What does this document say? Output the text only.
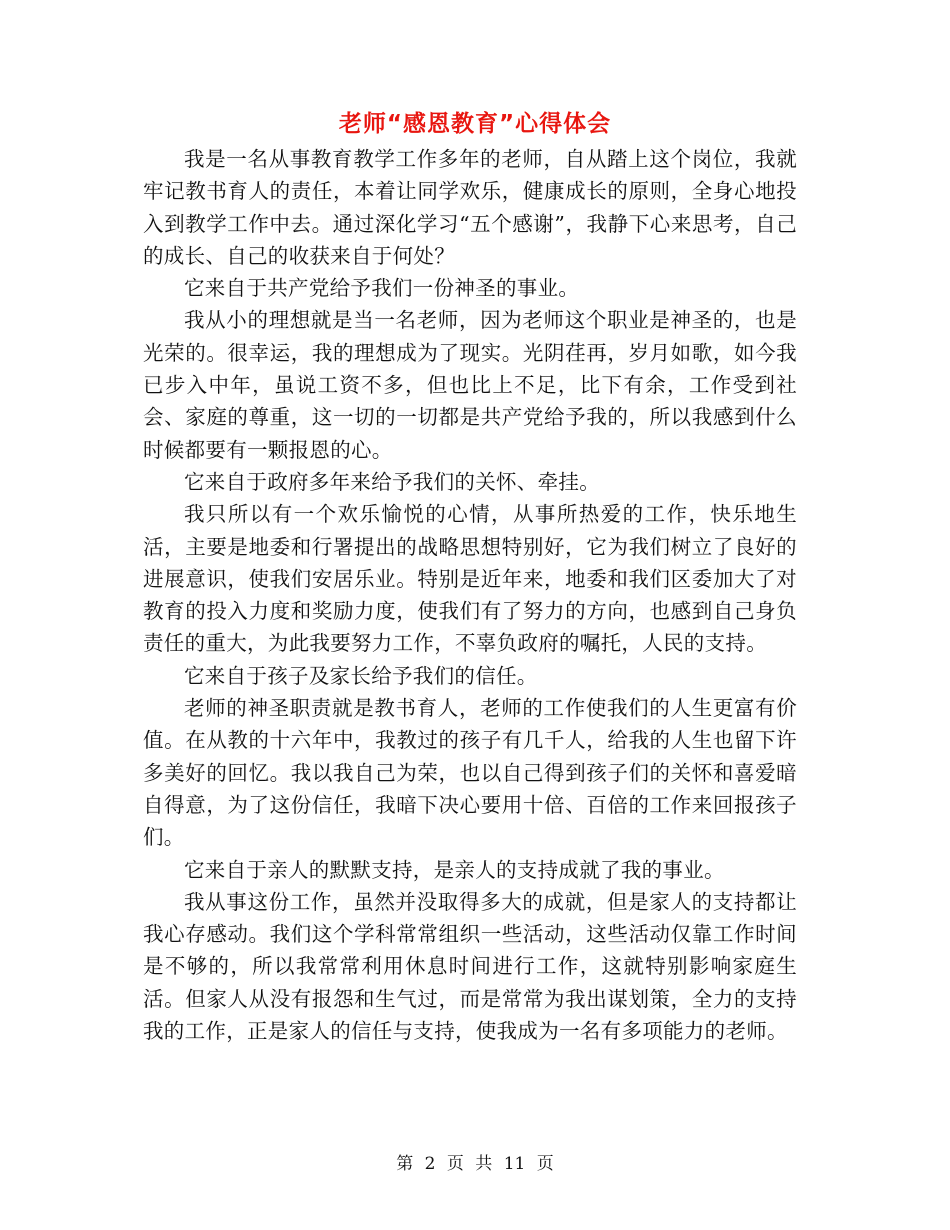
老师“感恩教育”心得体会

我是一名从事教育教学工作多年的老师，自从踏上这个岗位，我就牢记教书育人的责任，本着让同学欢乐，健康成长的原则，全身心地投入到教学工作中去。通过深化学习“五个感谢”，我静下心来思考，自己的成长、自己的收获来自于何处？

它来自于共产党给予我们一份神圣的事业。

我从小的理想就是当一名老师，因为老师这个职业是神圣的，也是光荣的。很幸运，我的理想成为了现实。光阴荏再，岁月如歌，如今我已步入中年，虽说工资不多，但也比上不足，比下有余，工作受到社会、家庭的尊重，这一切的一切都是共产党给予我的，所以我感到什么时候都要有一颗报恩的心。

它来自于政府多年来给予我们的关怀、牵挂。

我只所以有一个欢乐愉悦的心情，从事所热爱的工作，快乐地生活，主要是地委和行署提出的战略思想特别好，它为我们树立了良好的进展意识，使我们安居乐业。特别是近年来，地委和我们区委加大了对教育的投入力度和奖励力度，使我们有了努力的方向，也感到自己身负责任的重大，为此我要努力工作，不辜负政府的嘱托，人民的支持。

它来自于孩子及家长给予我们的信任。

老师的神圣职责就是教书育人，老师的工作使我们的人生更富有价值。在从教的十六年中，我教过的孩子有几千人，给我的人生也留下许多美好的回忆。我以我自己为荣，也以自己得到孩子们的关怀和喜爱暗自得意，为了这份信任，我暗下决心要用十倍、百倍的工作来回报孩子们。

它来自于亲人的默默支持，是亲人的支持成就了我的事业。

我从事这份工作，虽然并没取得多大的成就，但是家人的支持都让我心存感动。我们这个学科常常组织一些活动，这些活动仅靠工作时间是不够的，所以我常常利用休息时间进行工作，这就特别影响家庭生活。但家人从没有报怨和生气过，而是常常为我出谋划策，全力的支持我的工作，正是家人的信任与支持，使我成为一名有多项能力的老师。

第 2 页 共 11 页
